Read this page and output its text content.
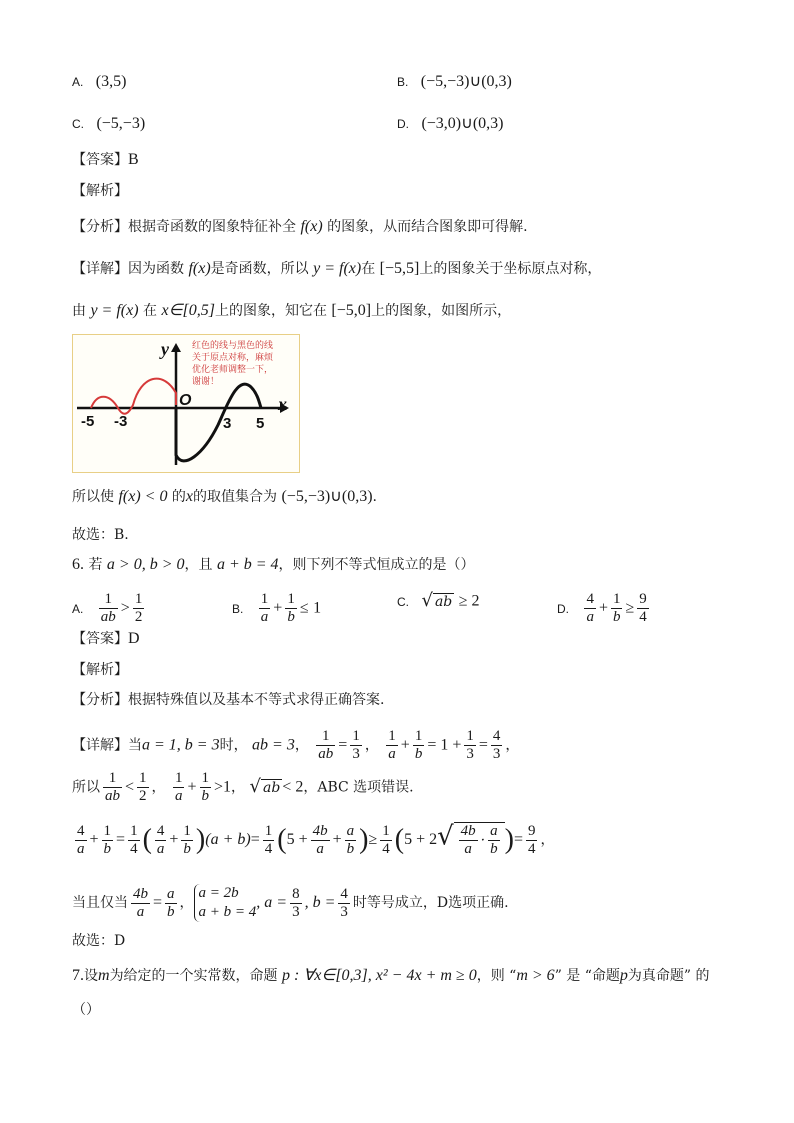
A. (3,5)	B. (−5,−3)∪(0,3)
C. (−5,−3)	D. (−3,0)∪(0,3)
【答案】B
【解析】
【分析】根据奇函数的图象特征补全 f(x) 的图象，从而结合图象即可得解.
【详解】因为函数 f(x)是奇函数，所以 y = f(x)在 [−5,5]上的图象关于坐标原点对称，
由 y = f(x) 在 x∈[0,5]上的图象，知它在 [−5,0]上的图象，如图所示，
y
x
O
-5 -3	3 5
红色的线与黑色的线 关于原点对称，麻烦 优化老师调整一下， 谢谢！
所以使 f(x) < 0 的x的取值集合为 (−5,−3)∪(0,3).
故选：B.
6. 若 a > 0, b > 0，且 a + b = 4，则下列不等式恒成立的是（）
A. $\frac{1}{ab} > \frac{1}{2}$	B. $\frac{1}{a} + \frac{1}{b} \le 1$	C. √ ab ≥ 2	D. $\frac{4}{a} + \frac{1}{b} \ge \frac{9}{4}$
【答案】D
【解析】
【分析】根据特殊值以及基本不等式求得正确答案.
【详解】当a = 1, b = 3时， ab = 3， $\frac{1}{ab} = \frac{1}{3}$ ， $\frac{1}{a} + \frac{1}{b} = 1 + \frac{1}{3} = \frac{4}{3}$ ，
所以 $\frac{1}{ab} < \frac{1}{2}$ ， $\frac{1}{a} + \frac{1}{b} >1$， √ ab < 2，ABC 选项错误.
$\frac{4}{a} + \frac{1}{b} = \frac{1}{4}$ ( $\frac{4}{a} + \frac{1}{b} )(a + b)= \frac{1}{4} (5 + \frac{4b}{a} + \frac{a}{b}$ )≥ $\frac{1}{4} (5 + 2√ \frac{4b}{a} \cdot \frac{a}{b}$ )= $\frac{9}{4}$ ，
当且仅当 $\frac{4b}{a} = \frac{a}{b}$ ，
a = 2b
a + b = 4
, $a = \frac{8}{3}$ , $b = \frac{4}{3}$ 时等号成立，D选项正确.
故选：D
7.设m为给定的一个实常数，命题 p : ∀x∈[0,3], x² − 4x + m ≥ 0，则 “m > 6” 是 “命题p为真命题” 的
（）
